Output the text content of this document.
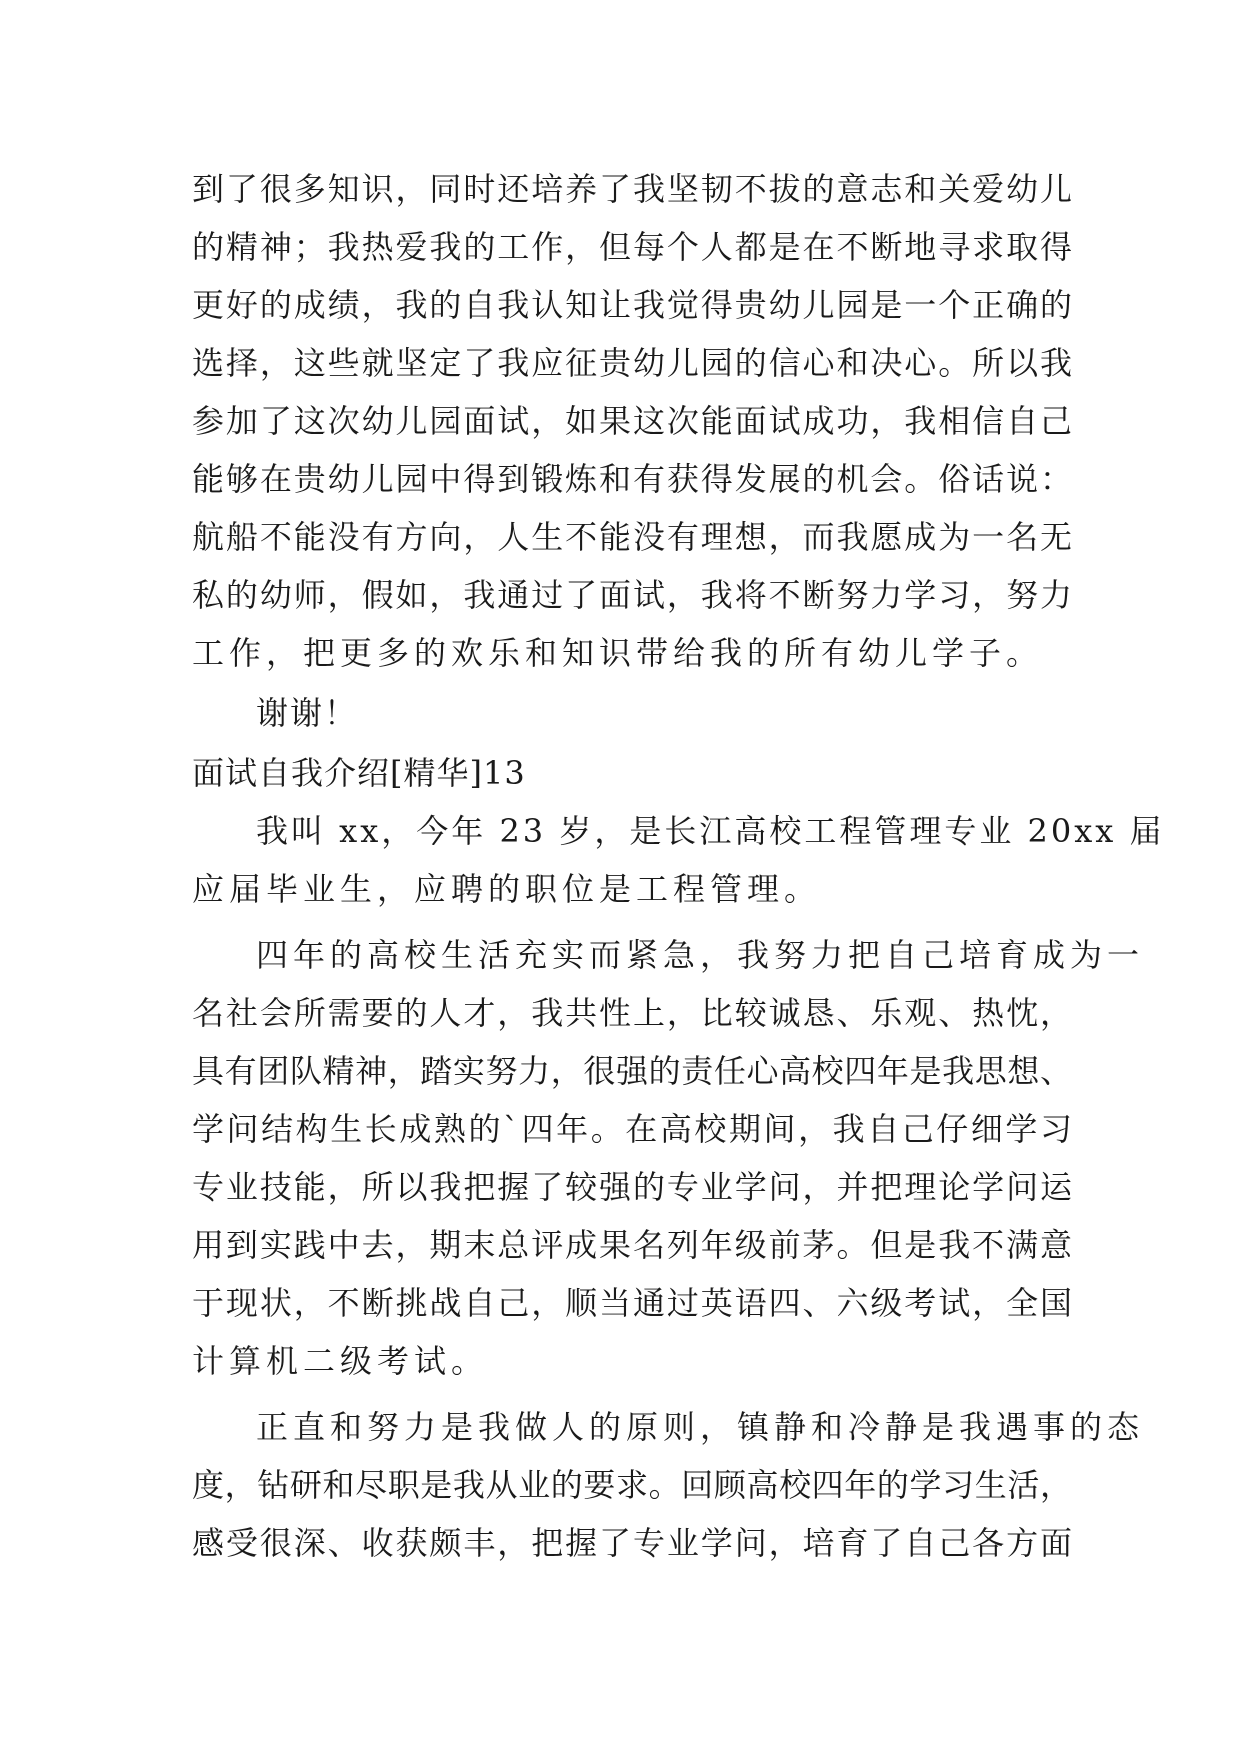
到了很多知识，同时还培养了我坚韧不拔的意志和关爱幼儿
的精神；我热爱我的工作，但每个人都是在不断地寻求取得
更好的成绩，我的自我认知让我觉得贵幼儿园是一个正确的
选择，这些就坚定了我应征贵幼儿园的信心和决心。所以我
参加了这次幼儿园面试，如果这次能面试成功，我相信自己
能够在贵幼儿园中得到锻炼和有获得发展的机会。俗话说：
航船不能没有方向，人生不能没有理想，而我愿成为一名无
私的幼师，假如，我通过了面试，我将不断努力学习，努力
工作，把更多的欢乐和知识带给我的所有幼儿学子。
谢谢！
面试自我介绍[精华]13
我叫 xx，今年 23 岁，是长江高校工程管理专业 20xx 届
应届毕业生，应聘的职位是工程管理。
四年的高校生活充实而紧急，我努力把自己培育成为一
名社会所需要的人才，我共性上，比较诚恳、乐观、热忱，
具有团队精神，踏实努力，很强的责任心高校四年是我思想、
学问结构生长成熟的`四年。在高校期间，我自己仔细学习
专业技能，所以我把握了较强的专业学问，并把理论学问运
用到实践中去，期末总评成果名列年级前茅。但是我不满意
于现状，不断挑战自己，顺当通过英语四、六级考试，全国
计算机二级考试。
正直和努力是我做人的原则，镇静和冷静是我遇事的态
度，钻研和尽职是我从业的要求。回顾高校四年的学习生活，
感受很深、收获颇丰，把握了专业学问，培育了自己各方面
